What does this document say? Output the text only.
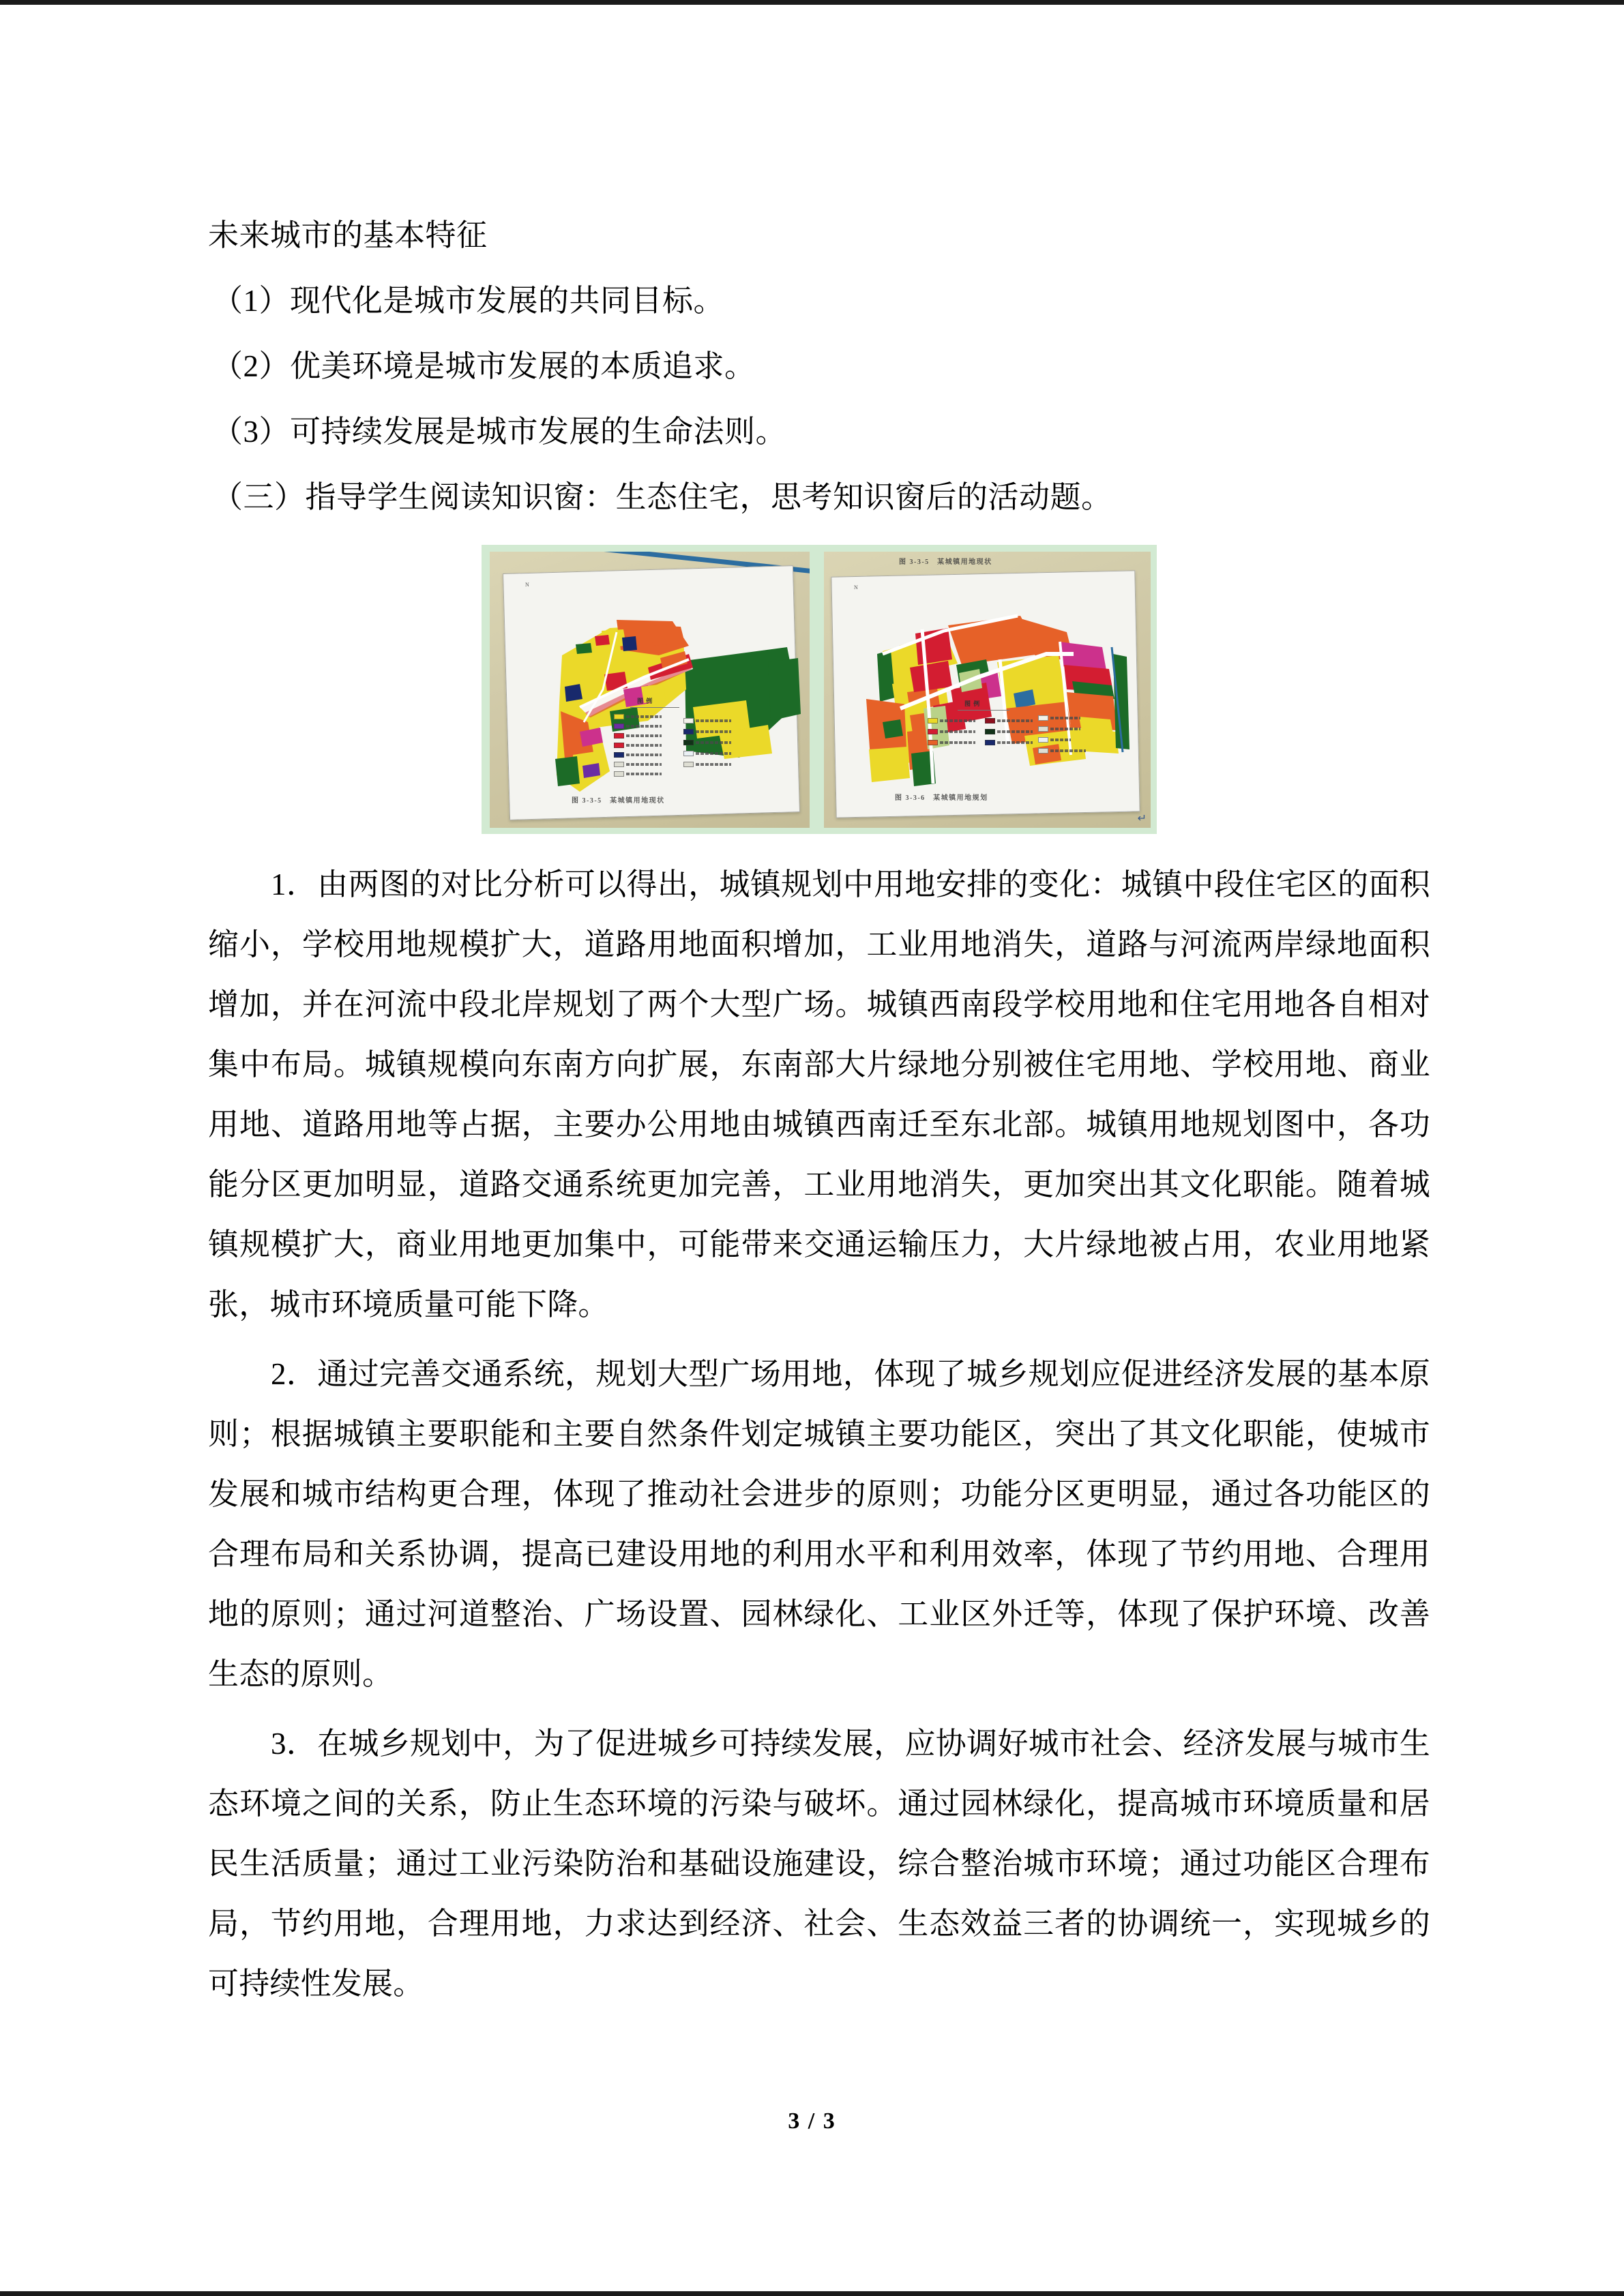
未来城市的基本特征
（1）现代化是城市发展的共同目标。
（2）优美环境是城市发展的本质追求。
（3）可持续发展是城市发展的生命法则。
（三）指导学生阅读知识窗：生态住宅，思考知识窗后的活动题。
N
图 例
图 3-3-5　某城镇用地现状
图 3-3-5　某城镇用地现状
N
图 例
图 3-3-6　某城镇用地规划
↵
1．由两图的对比分析可以得出，城镇规划中用地安排的变化：城镇中段住宅区的面积缩小，学校用地规模扩大，道路用地面积增加，工业用地消失，道路与河流两岸绿地面积增加，并在河流中段北岸规划了两个大型广场。城镇西南段学校用地和住宅用地各自相对集中布局。城镇规模向东南方向扩展，东南部大片绿地分别被住宅用地、学校用地、商业用地、道路用地等占据，主要办公用地由城镇西南迁至东北部。城镇用地规划图中，各功能分区更加明显，道路交通系统更加完善，工业用地消失，更加突出其文化职能。随着城镇规模扩大，商业用地更加集中，可能带来交通运输压力，大片绿地被占用，农业用地紧张，城市环境质量可能下降。
2．通过完善交通系统，规划大型广场用地，体现了城乡规划应促进经济发展的基本原则；根据城镇主要职能和主要自然条件划定城镇主要功能区，突出了其文化职能，使城市发展和城市结构更合理，体现了推动社会进步的原则；功能分区更明显，通过各功能区的合理布局和关系协调，提高已建设用地的利用水平和利用效率，体现了节约用地、合理用地的原则；通过河道整治、广场设置、园林绿化、工业区外迁等，体现了保护环境、改善生态的原则。
3．在城乡规划中，为了促进城乡可持续发展，应协调好城市社会、经济发展与城市生态环境之间的关系，防止生态环境的污染与破坏。通过园林绿化，提高城市环境质量和居民生活质量；通过工业污染防治和基础设施建设，综合整治城市环境；通过功能区合理布局，节约用地，合理用地，力求达到经济、社会、生态效益三者的协调统一，实现城乡的可持续性发展。
3 / 3
